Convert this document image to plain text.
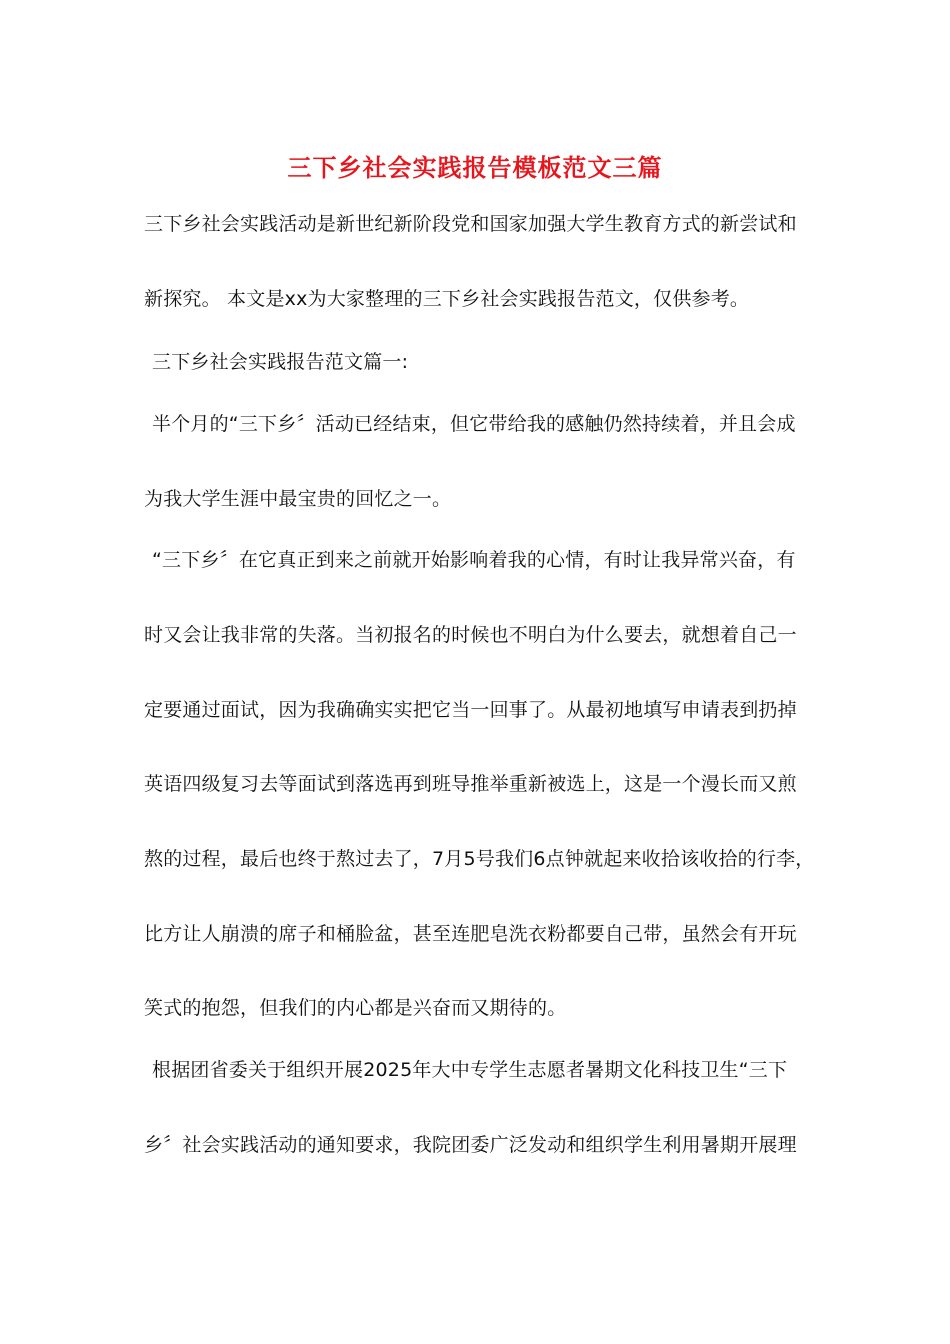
三下乡社会实践报告模板范文三篇
三下乡社会实践活动是新世纪新阶段党和国家加强大学生教育方式的新尝试和
新探究。 本文是xx为大家整理的三下乡社会实践报告范文，仅供参考。
三下乡社会实践报告范文篇一:
半个月的“三下乡〞活动已经结束，但它带给我的感触仍然持续着，并且会成
为我大学生涯中最宝贵的回忆之一。
“三下乡〞在它真正到来之前就开始影响着我的心情，有时让我异常兴奋，有
时又会让我非常的失落。当初报名的时候也不明白为什么要去，就想着自己一
定要通过面试，因为我确确实实把它当一回事了。从最初地填写申请表到扔掉
英语四级复习去等面试到落选再到班导推举重新被选上，这是一个漫长而又煎
熬的过程，最后也终于熬过去了，7月5号我们6点钟就起来收拾该收拾的行李，
比方让人崩溃的席子和桶脸盆，甚至连肥皂洗衣粉都要自己带，虽然会有开玩
笑式的抱怨，但我们的内心都是兴奋而又期待的。
根据团省委关于组织开展2025年大中专学生志愿者暑期文化科技卫生“三下
乡〞社会实践活动的通知要求，我院团委广泛发动和组织学生利用暑期开展理
